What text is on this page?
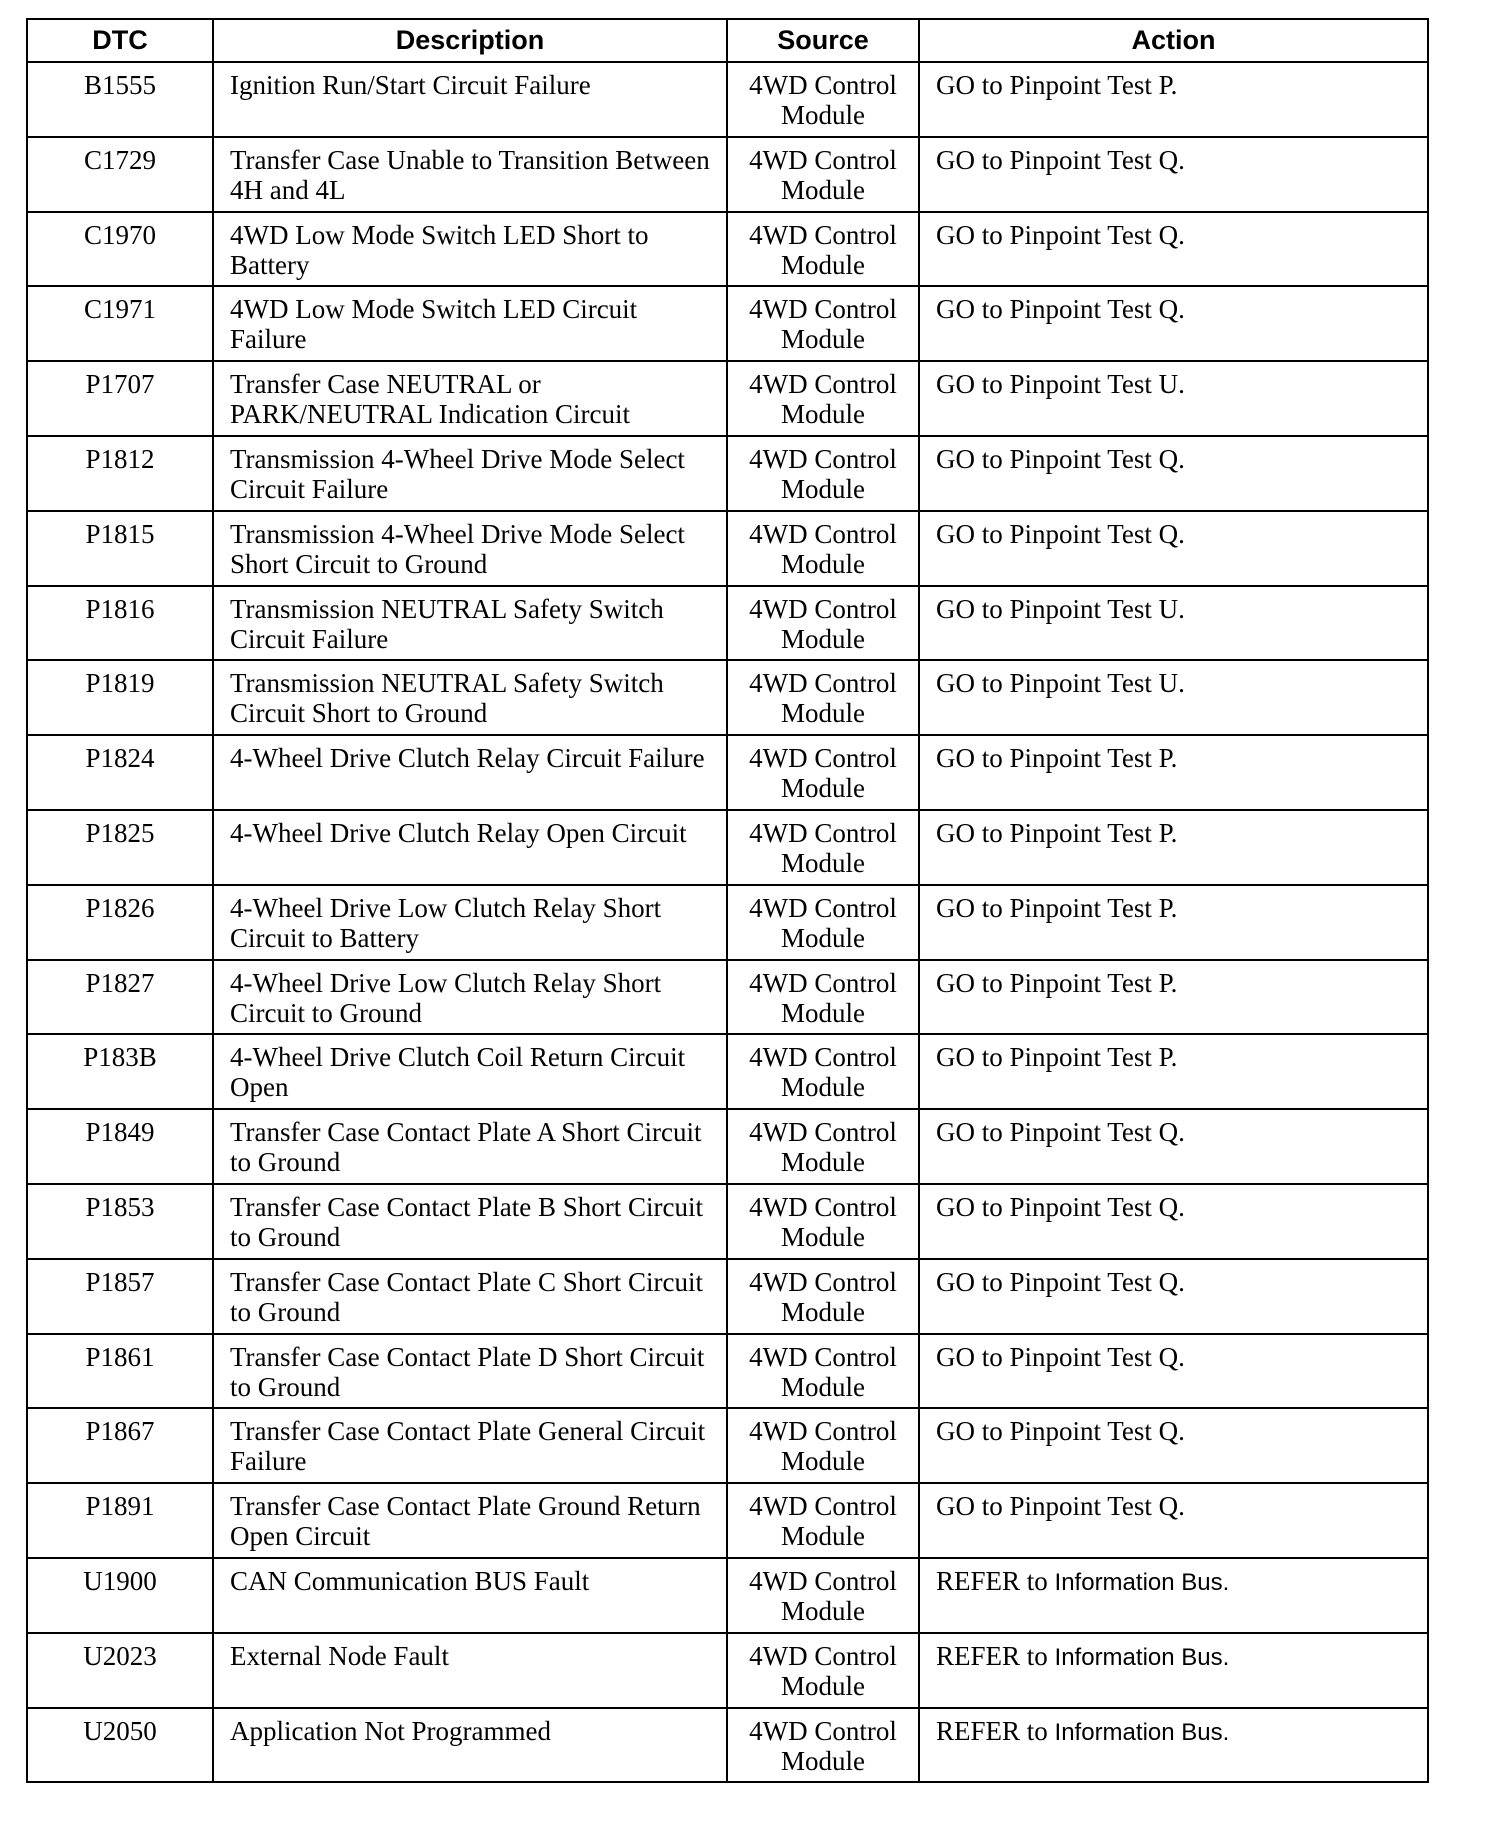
DTC	Description	Source	Action
B1555	Ignition Run/Start Circuit Failure	4WD Control Module	GO to Pinpoint Test P.
C1729	Transfer Case Unable to Transition Between 4H and 4L	4WD Control Module	GO to Pinpoint Test Q.
C1970	4WD Low Mode Switch LED Short to Battery	4WD Control Module	GO to Pinpoint Test Q.
C1971	4WD Low Mode Switch LED Circuit Failure	4WD Control Module	GO to Pinpoint Test Q.
P1707	Transfer Case NEUTRAL or PARK/NEUTRAL Indication Circuit	4WD Control Module	GO to Pinpoint Test U.
P1812	Transmission 4-Wheel Drive Mode Select Circuit Failure	4WD Control Module	GO to Pinpoint Test Q.
P1815	Transmission 4-Wheel Drive Mode Select Short Circuit to Ground	4WD Control Module	GO to Pinpoint Test Q.
P1816	Transmission NEUTRAL Safety Switch Circuit Failure	4WD Control Module	GO to Pinpoint Test U.
P1819	Transmission NEUTRAL Safety Switch Circuit Short to Ground	4WD Control Module	GO to Pinpoint Test U.
P1824	4-Wheel Drive Clutch Relay Circuit Failure	4WD Control Module	GO to Pinpoint Test P.
P1825	4-Wheel Drive Clutch Relay Open Circuit	4WD Control Module	GO to Pinpoint Test P.
P1826	4-Wheel Drive Low Clutch Relay Short Circuit to Battery	4WD Control Module	GO to Pinpoint Test P.
P1827	4-Wheel Drive Low Clutch Relay Short Circuit to Ground	4WD Control Module	GO to Pinpoint Test P.
P183B	4-Wheel Drive Clutch Coil Return Circuit Open	4WD Control Module	GO to Pinpoint Test P.
P1849	Transfer Case Contact Plate A Short Circuit to Ground	4WD Control Module	GO to Pinpoint Test Q.
P1853	Transfer Case Contact Plate B Short Circuit to Ground	4WD Control Module	GO to Pinpoint Test Q.
P1857	Transfer Case Contact Plate C Short Circuit to Ground	4WD Control Module	GO to Pinpoint Test Q.
P1861	Transfer Case Contact Plate D Short Circuit to Ground	4WD Control Module	GO to Pinpoint Test Q.
P1867	Transfer Case Contact Plate General Circuit Failure	4WD Control Module	GO to Pinpoint Test Q.
P1891	Transfer Case Contact Plate Ground Return Open Circuit	4WD Control Module	GO to Pinpoint Test Q.
U1900	CAN Communication BUS Fault	4WD Control Module	REFER to Information Bus.
U2023	External Node Fault	4WD Control Module	REFER to Information Bus.
U2050	Application Not Programmed	4WD Control Module	REFER to Information Bus.
